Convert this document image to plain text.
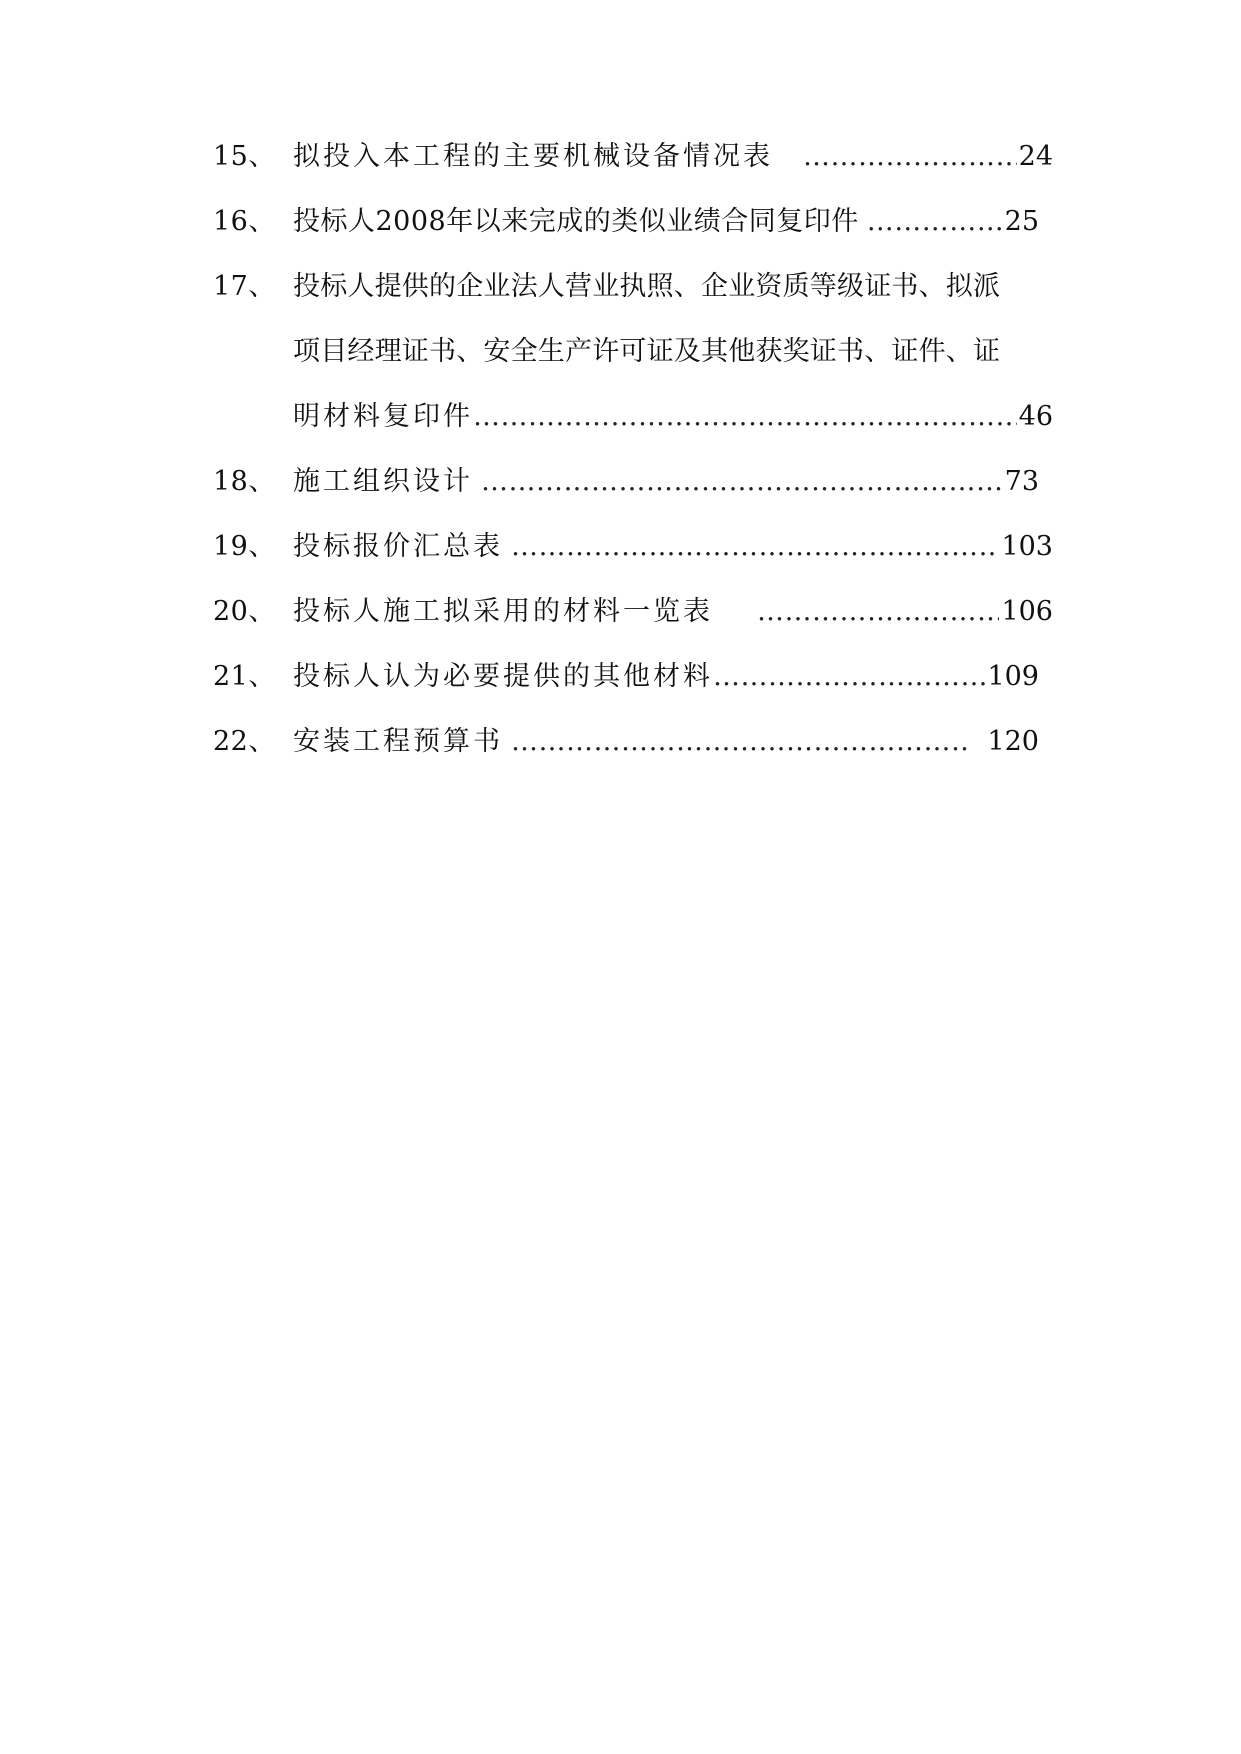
15、 拟投入本工程的主要机械设备情况表 ……………………………………………………………………………………………………………	24
16、 投标人2008年以来完成的类似业绩合同复印件 ……………………………………………………………………………………………………………	25
17、 投标人提供的企业法人营业执照、企业资质等级证书、拟派
项目经理证书、安全生产许可证及其他获奖证书、证件、证
明材料复印件 ……………………………………………………………………………………………………………	46
18、 施工组织设计 ……………………………………………………………………………………………………………	73
19、 投标报价汇总表 ……………………………………………………………………………………………………………	103
20、 投标人施工拟采用的材料一览表 ……………………………………………………………………………………………………………	106
21、 投标人认为必要提供的其他材料 ……………………………………………………………………………………………………………	109
22、 安装工程预算书 ……………………………………………………………………………………………………………	120
